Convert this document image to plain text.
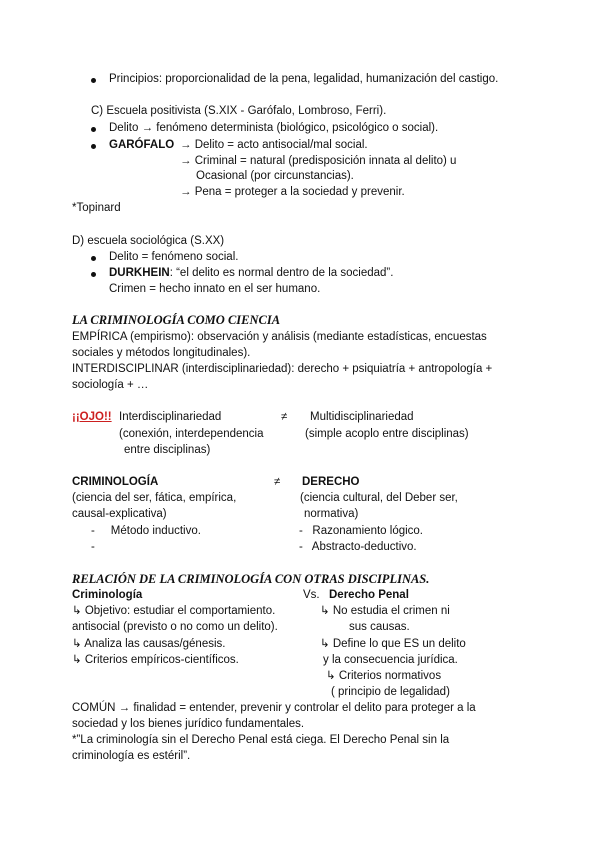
Principios: proporcionalidad de la pena, legalidad, humanización del castigo.
C) Escuela positivista (S.XIX - Garófalo, Lombroso, Ferri).
Delito → fenómeno determinista (biológico, psicológico o social).
GARÓFALO → Delito = acto antisocial/mal social.
→ Criminal = natural (predisposición innata al delito) u
Ocasional (por circunstancias).
→ Pena = proteger a la sociedad y prevenir.
*Topinard
D) escuela sociológica (S.XX)
Delito = fenómeno social.
DURKHEIN: “el delito es normal dentro de la sociedad”.
Crimen = hecho innato en el ser humano.
LA CRIMINOLOGÍA COMO CIENCIA
EMPÍRICA (empirismo): observación y análisis (mediante estadísticas, encuestas
sociales y métodos longitudinales).
INTERDISCIPLINAR (interdisciplinariedad): derecho + psiquiatría + antropología +
sociología + …
¡¡OJO!! Interdisciplinariedad
(conexión, interdependencia
entre disciplinas)
≠ Multidisciplinariedad
(simple acoplo entre disciplinas)
CRIMINOLOGÍA	≠ DERECHO
(ciencia del ser, fática, empírica,
causal-explicativa)
-     Método inductivo.
-
(ciencia cultural, del Deber ser,
normativa)
-   Razonamiento lógico.
-   Abstracto-deductivo.
RELACIÓN DE LA CRIMINOLOGÍA CON OTRAS DISCIPLINAS.
Criminología	Vs. Derecho Penal
↳ Objetivo: estudiar el comportamiento.
antisocial (previsto o no como un delito).
↳ Analiza las causas/génesis.
↳ Criterios empíricos-científicos.
↳ No estudia el crimen ni
sus causas.
↳ Define lo que ES un delito
y la consecuencia jurídica.
↳ Criterios normativos
( principio de legalidad)
COMÚN → finalidad = entender, prevenir y controlar el delito para proteger a la
sociedad y los bienes jurídico fundamentales.
*”La criminología sin el Derecho Penal está ciega. El Derecho Penal sin la
criminología es estéril”.
